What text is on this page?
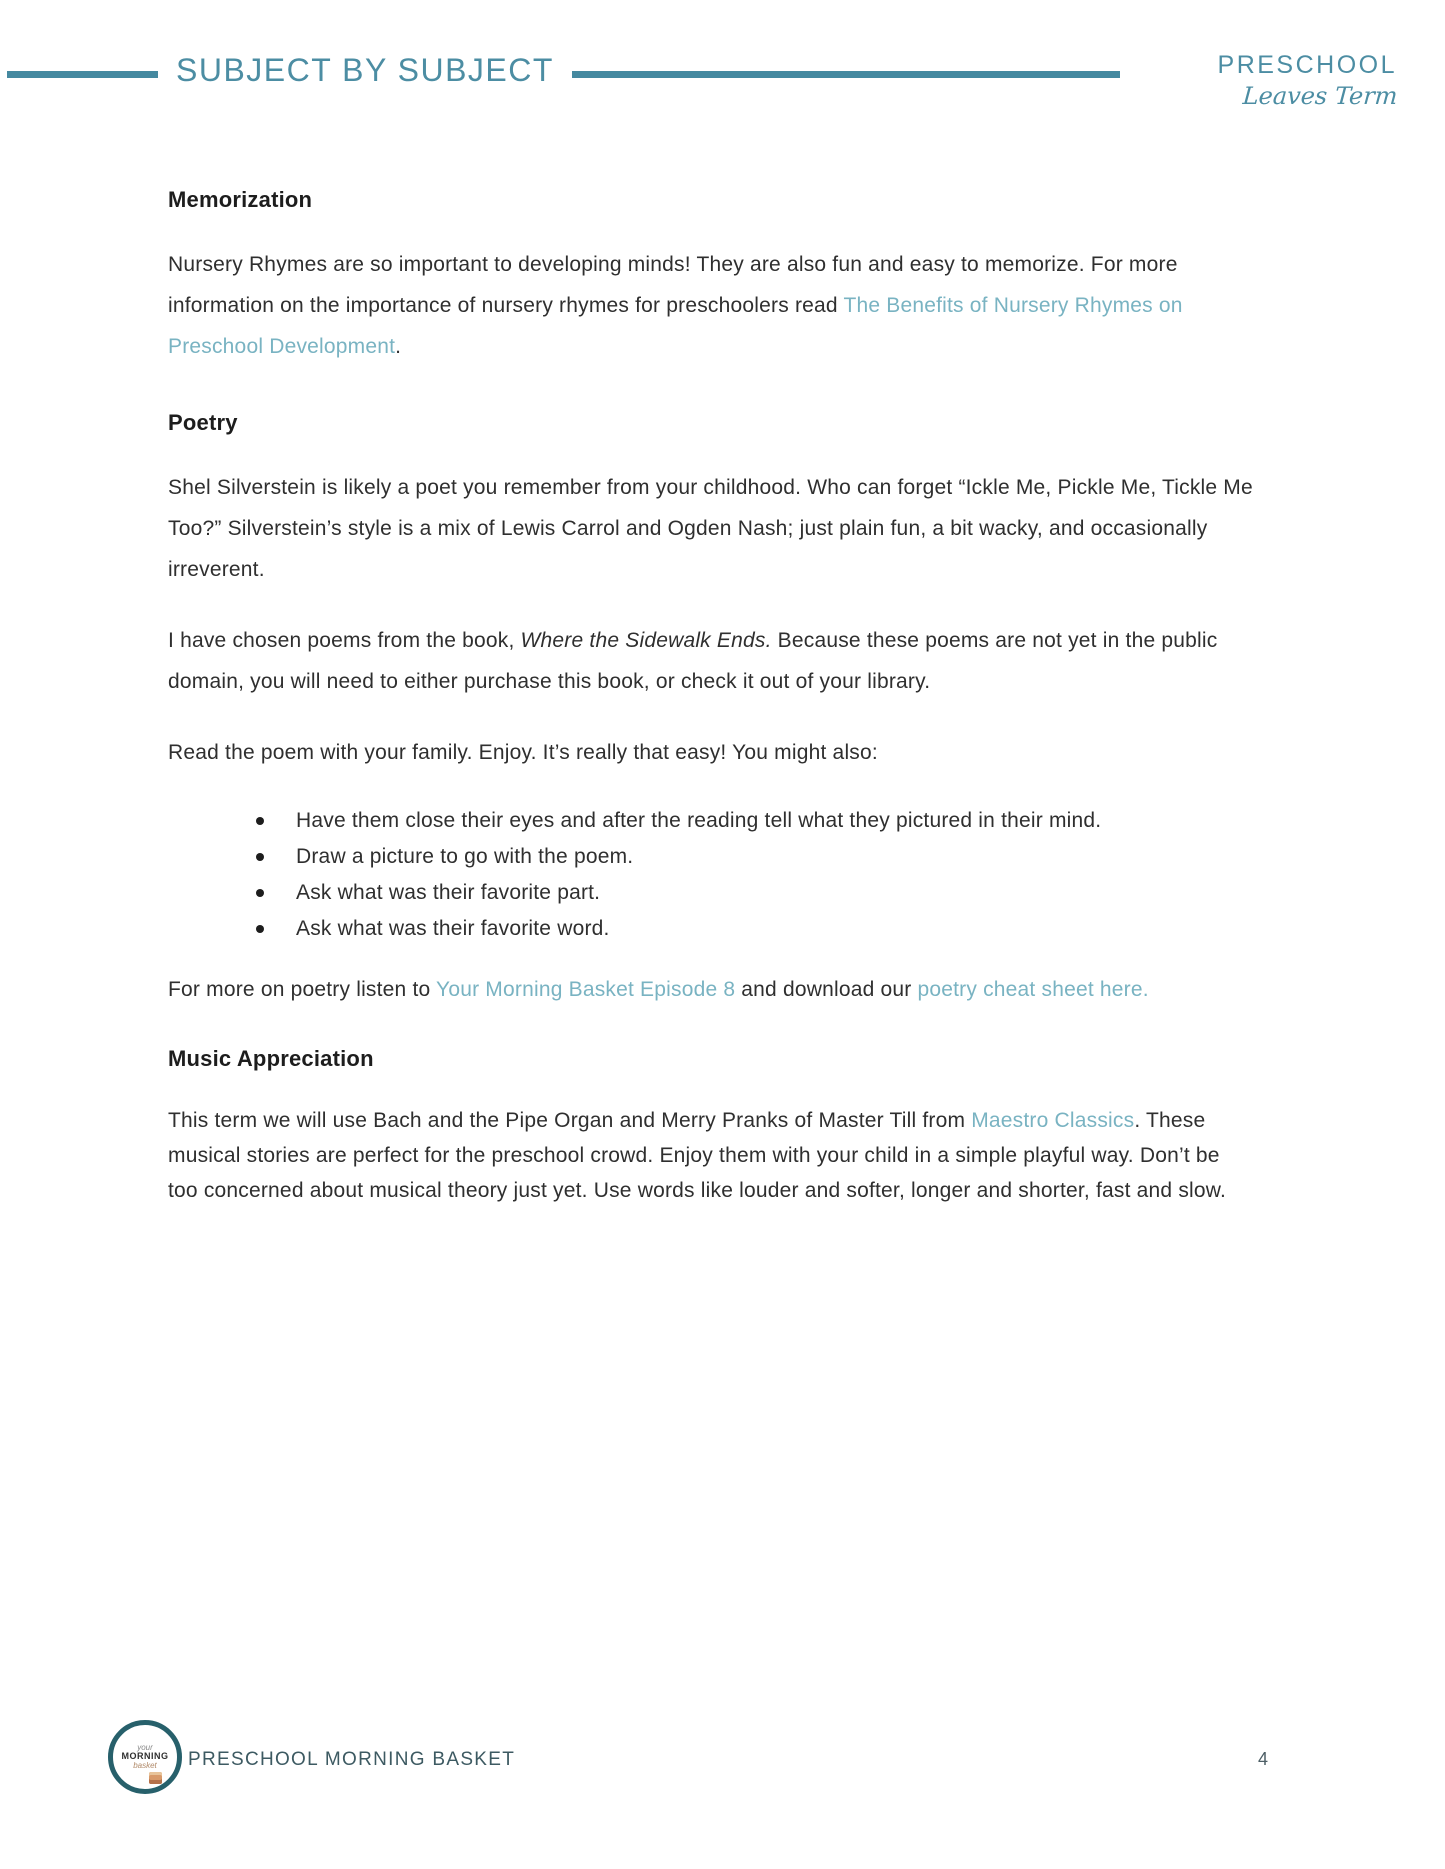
SUBJECT BY SUBJECT	PRESCHOOL
Leaves Term
Memorization

Nursery Rhymes are so important to developing minds! They are also fun and easy to memorize. For more information on the importance of nursery rhymes for preschoolers read The Benefits of Nursery Rhymes on Preschool Development.

Poetry

Shel Silverstein is likely a poet you remember from your childhood. Who can forget “Ickle Me, Pickle Me, Tickle Me Too?” Silverstein’s style is a mix of Lewis Carrol and Ogden Nash; just plain fun, a bit wacky, and occasionally irreverent.

I have chosen poems from the book, Where the Sidewalk Ends. Because these poems are not yet in the public domain, you will need to either purchase this book, or check it out of your library.

Read the poem with your family. Enjoy. It’s really that easy! You might also:

Have them close their eyes and after the reading tell what they pictured in their mind.
Draw a picture to go with the poem.
Ask what was their favorite part.
Ask what was their favorite word.

For more on poetry listen to Your Morning Basket Episode 8 and download our poetry cheat sheet here.

Music Appreciation

This term we will use Bach and the Pipe Organ and Merry Pranks of Master Till from Maestro Classics. These musical stories are perfect for the preschool crowd. Enjoy them with your child in a simple playful way. Don’t be too concerned about musical theory just yet. Use words like louder and softer, longer and shorter, fast and slow.

your
MORNING
basket	PRESCHOOL MORNING BASKET	4
